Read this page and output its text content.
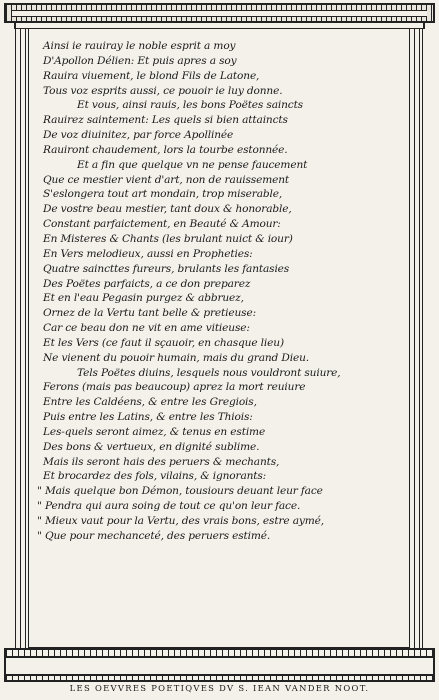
Ainsi ie rauiray le noble esprit a moy
D'Apollon Délien: Et puis apres a soy
Rauira viuement, le blond Fils de Latone,
Tous voz esprits aussi, ce pouoir ie luy donne.
Et vous, ainsi rauis, les bons Poëtes saincts
Rauirez saintement: Les quels si bien attaincts
De voz diuinitez, par force Apollinée
Rauiront chaudement, lors la tourbe estonnée.
Et a fin que quelque vn ne pense faucement
Que ce mestier vient d'art, non de rauissement
S'eslongera tout art mondain, trop miserable,
De vostre beau mestier, tant doux & honorable,
Constant parfaictement, en Beauté & Amour:
En Misteres & Chants (les brulant nuict & iour)
En Vers melodieux, aussi en Propheties:
Quatre saincttes fureurs, brulants les fantasies
Des Poëtes parfaicts, a ce don preparez
Et en l'eau Pegasin purgez & abbruez,
Ornez de la Vertu tant belle & pretieuse:
Car ce beau don ne vit en ame vitieuse:
Et les Vers (ce faut il sçauoir, en chasque lieu)
Ne vienent du pouoir humain, mais du grand Dieu.
Tels Poëtes diuins, lesquels nous vouldront suiure,
Ferons (mais pas beaucoup) aprez la mort reuiure
Entre les Caldéens, & entre les Gregiois,
Puis entre les Latins, & entre les Thiois:
Les-quels seront aimez, & tenus en estime
Des bons & vertueux, en dignité sublime.
Mais ils seront hais des peruers & mechants,
Et brocardez des fols, vilains, & ignorants:
" Mais quelque bon Démon, tousiours deuant leur face
" Pendra qui aura soing de tout ce qu'on leur face.
" Mieux vaut pour la Vertu, des vrais bons, estre aymé,
" Que pour mechanceté, des peruers estimé.
LES OEVVRES POETIQVES DV S. IEAN VANDER NOOT.
